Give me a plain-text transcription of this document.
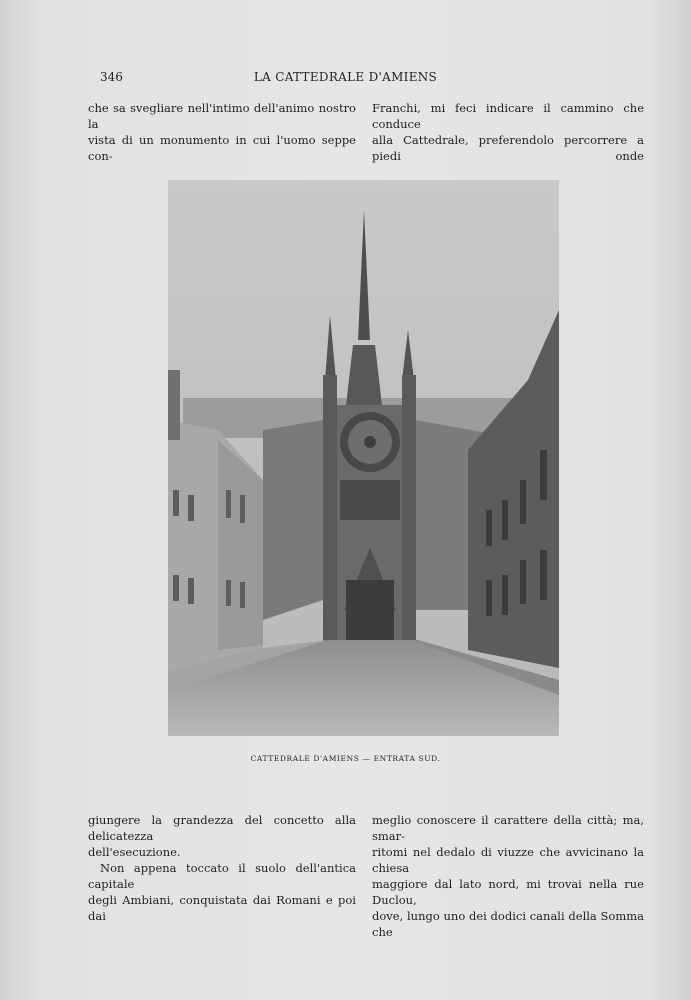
346	LA CATTEDRALE D'AMIENS

che sa svegliare nell'intimo dell'animo nostro la

vista di un monumento in cui l'uomo seppe con-

Franchi, mi feci indicare il cammino che conduce

alla Cattedrale, preferendolo percorrere a piedi onde

CATTEDRALE D'AMIENS — ENTRATA SUD.

giungere la grandezza del concetto alla delicatezza

dell'esecuzione.

Non appena toccato il suolo dell'antica capitale

degli Ambiani, conquistata dai Romani e poi dai

meglio conoscere il carattere della città; ma, smar-

ritomi nel dedalo di viuzze che avvicinano la chiesa

maggiore dal lato nord, mi trovai nella rue Duclou,

dove, lungo uno dei dodici canali della Somma che
